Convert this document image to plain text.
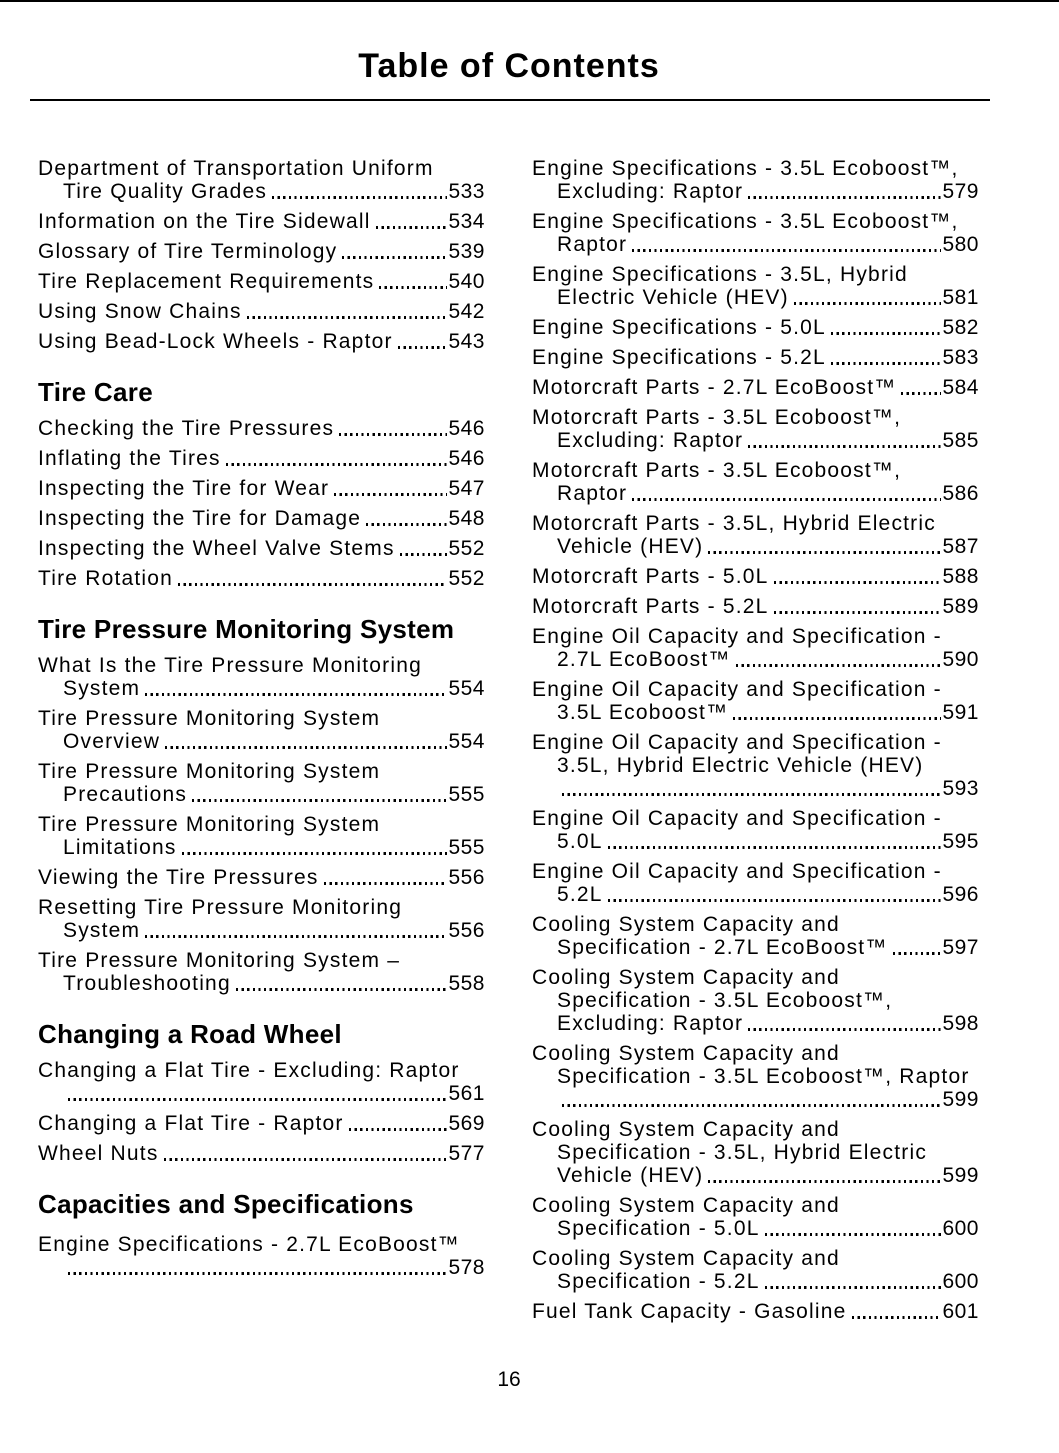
Table of Contents
Department of Transportation Uniform
Tire Quality Grades	533
Information on the Tire Sidewall	534
Glossary of Tire Terminology	539
Tire Replacement Requirements	540
Using Snow Chains	542
Using Bead-Lock Wheels - Raptor	543
Tire Care
Checking the Tire Pressures	546
Inflating the Tires	546
Inspecting the Tire for Wear	547
Inspecting the Tire for Damage	548
Inspecting the Wheel Valve Stems	552
Tire Rotation	552
Tire Pressure Monitoring System
What Is the Tire Pressure Monitoring
System	554
Tire Pressure Monitoring System
Overview	554
Tire Pressure Monitoring System
Precautions	555
Tire Pressure Monitoring System
Limitations	555
Viewing the Tire Pressures	556
Resetting Tire Pressure Monitoring
System	556
Tire Pressure Monitoring System –
Troubleshooting	558
Changing a Road Wheel
Changing a Flat Tire - Excluding: Raptor
561
Changing a Flat Tire - Raptor	569
Wheel Nuts	577
Capacities and Specifications
Engine Specifications - 2.7L EcoBoost™
578
Engine Specifications - 3.5L Ecoboost™,
Excluding: Raptor	579
Engine Specifications - 3.5L Ecoboost™,
Raptor	580
Engine Specifications - 3.5L, Hybrid
Electric Vehicle (HEV)	581
Engine Specifications - 5.0L	582
Engine Specifications - 5.2L	583
Motorcraft Parts - 2.7L EcoBoost™ 584
Motorcraft Parts - 3.5L Ecoboost™,
Excluding: Raptor	585
Motorcraft Parts - 3.5L Ecoboost™,
Raptor	586
Motorcraft Parts - 3.5L, Hybrid Electric
Vehicle (HEV)	587
Motorcraft Parts - 5.0L	588
Motorcraft Parts - 5.2L	589
Engine Oil Capacity and Specification -
2.7L EcoBoost™	590
Engine Oil Capacity and Specification -
3.5L Ecoboost™	591
Engine Oil Capacity and Specification -
3.5L, Hybrid Electric Vehicle (HEV)
593
Engine Oil Capacity and Specification -
5.0L	595
Engine Oil Capacity and Specification -
5.2L	596
Cooling System Capacity and
Specification - 2.7L EcoBoost™	597
Cooling System Capacity and
Specification - 3.5L Ecoboost™,
Excluding: Raptor	598
Cooling System Capacity and
Specification - 3.5L Ecoboost™, Raptor
599
Cooling System Capacity and
Specification - 3.5L, Hybrid Electric
Vehicle (HEV)	599
Cooling System Capacity and
Specification - 5.0L	600
Cooling System Capacity and
Specification - 5.2L	600
Fuel Tank Capacity - Gasoline	601
16
